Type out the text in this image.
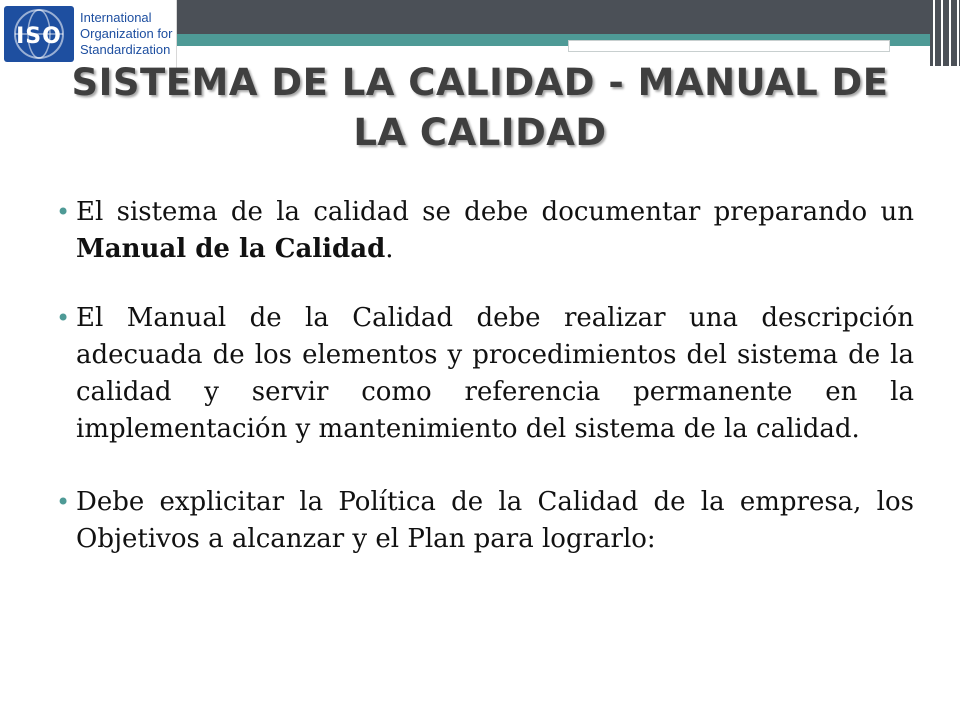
ISO
International
Organization for
Standardization
SISTEMA DE LA CALIDAD - MANUAL DE LA CALIDAD
• El sistema de la calidad se debe documentar preparando un Manual de la Calidad.
• El Manual de la Calidad debe realizar una descripción adecuada de los elementos y procedimientos del sistema de la calidad y servir como referencia permanente en la implementación y mantenimiento del sistema de la calidad.
• Debe explicitar la Política de la Calidad de la empresa, los Objetivos a alcanzar y el Plan para lograrlo:
